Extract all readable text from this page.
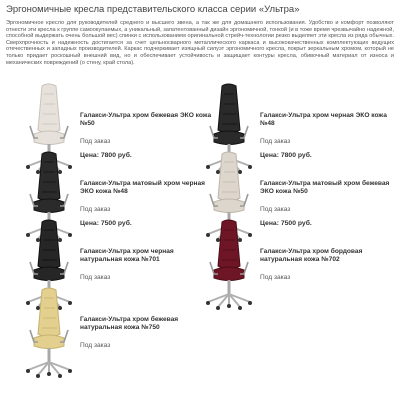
Эргономичные кресла представительского класса серии «Ультра»
Эргономичное кресло для руководителей среднего и высшего звена, а так же для домашнего использования. Удобство и комфорт позволяют отнести эти кресла к группе самоокупаемых, а уникальный, запатентованный дизайн эргономичной, тонкой (и в тоже время чрезвычайно надежной, способной выдержать очень большой вес) спинки с использованием оригинальной стрейч-технологии резко выделяет эти кресла из ряда обычных. Сверхпрочность и надежность достигается за счет цельносварного металлического каркаса и высококачественных комплектующих ведущих отечественных и западных производителей. Каркас подчеркивает изящный силуэт эргономичного кресла, покрыт зеркальным хромом, который не только придает роскошный внешний вид, но и обеспечивает устойчивость и защищает контуры кресла, обивочный материал от износа и механических повреждений (о стену, край стола).
Галакси-Ультра хром бежевая ЭКО кожа №50
Под заказ
Цена: 7800 руб.
Галакси-Ультра хром черная ЭКО кожа №48
Под заказ
Цена: 7800 руб.
Галакси-Ультра матовый хром черная ЭКО кожа №48
Под заказ
Цена: 7500 руб.
Галакси-Ультра матовый хром бежевая ЭКО кожа №50
Под заказ
Цена: 7500 руб.
Галакси-Ультра хром черная натуральная кожа №701
Под заказ
Галакси-Ультра хром бордовая натуральная кожа №702
Под заказ
Галакси-Ультра хром бежевая натуральная кожа №750
Под заказ
